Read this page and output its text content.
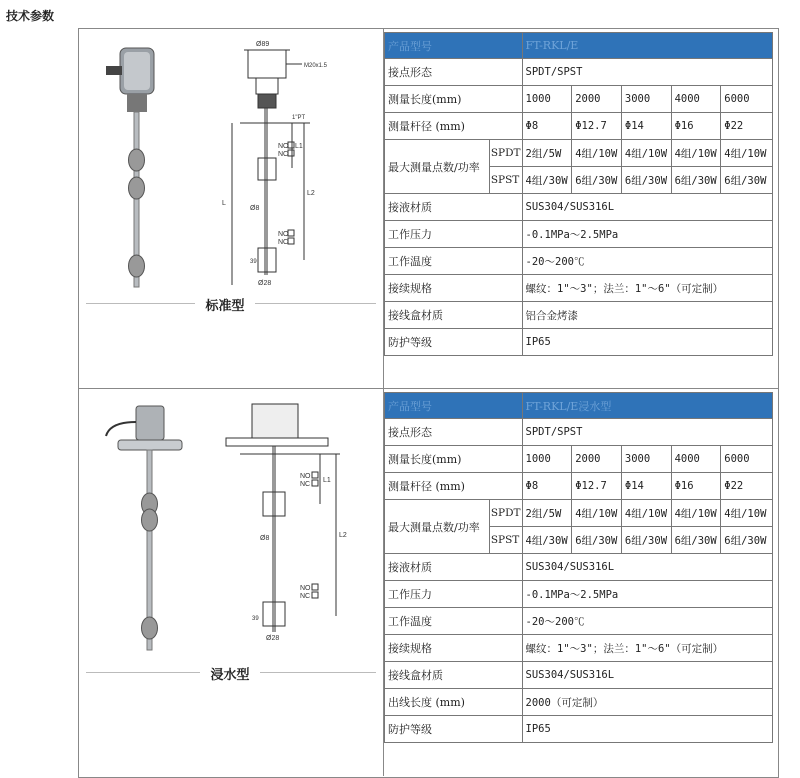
技术参数
Ø89
M20x1.5
1"PT
Ø8
Ø28
39
NO
NC
NO
NC
L1
L2
L
标准型
Ø8
Ø28
39
NO
NC
NO
NC
L1
L2
浸水型
产品型号		FT-RKL/E				
接点形态		SPDT/SPST				
测量长度(mm)		1000	2000	3000	4000	6000
测量杆径 (mm)		Φ8	Φ12.7	Φ14	Φ16	Φ22
最大测量点数/功率	SPDT	2组/5W	4组/10W	4组/10W	4组/10W	4组/10W
	SPST	4组/30W	6组/30W	6组/30W	6组/30W	6组/30W
接液材质		SUS304/SUS316L				
工作压力		-0.1MPa～2.5MPa				
工作温度		-20～200℃				
接续规格		螺纹：1"～3"；法兰：1"～6"（可定制）				
接线盒材质		铝合金烤漆				
防护等级		IP65				
产品型号		FT-RKL/E浸水型				
接点形态		SPDT/SPST				
测量长度(mm)		1000	2000	3000	4000	6000
测量杆径 (mm)		Φ8	Φ12.7	Φ14	Φ16	Φ22
最大测量点数/功率	SPDT	2组/5W	4组/10W	4组/10W	4组/10W	4组/10W
	SPST	4组/30W	6组/30W	6组/30W	6组/30W	6组/30W
接液材质		SUS304/SUS316L				
工作压力		-0.1MPa～2.5MPa				
工作温度		-20～200℃				
接续规格		螺纹：1"～3"；法兰：1"～6"（可定制）				
接线盒材质		SUS304/SUS316L				
出线长度 (mm)		2000（可定制）				
防护等级		IP65				
